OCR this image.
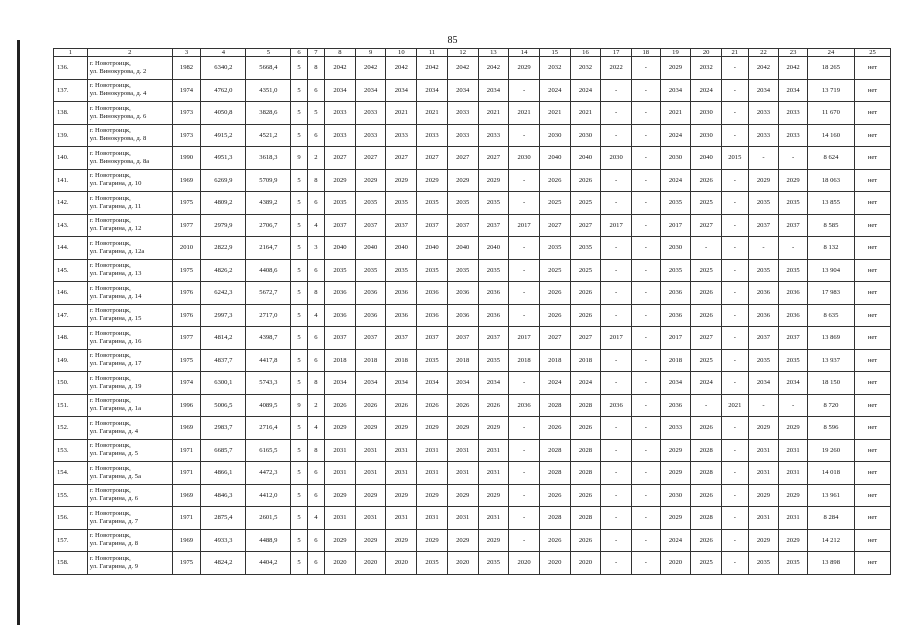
85
1	2	3	4	5	6	7	8	9	10	11	12	13	14	15	16	17	18	19	20	21	22	23	24	25
136.	г. Новотроицк,
ул. Винокурова, д. 2	1982	6340,2	5668,4	5	8	2042	2042	2042	2042	2042	2042	2029	2032	2032	2022	-	2029	2032	-	2042	2042	18 265	нет
137.	г. Новотроицк,
ул. Винокурова, д. 4	1974	4762,0	4351,0	5	6	2034	2034	2034	2034	2034	2034	-	2024	2024	-	-	2034	2024	-	2034	2034	13 719	нет
138.	г. Новотроицк,
ул. Винокурова, д. 6	1973	4050,8	3828,6	5	5	2033	2033	2021	2021	2033	2021	2021	2021	2021	-	-	2021	2030	-	2033	2033	11 670	нет
139.	г. Новотроицк,
ул. Винокурова, д. 8	1973	4915,2	4521,2	5	6	2033	2033	2033	2033	2033	2033	-	2030	2030	-	-	2024	2030	-	2033	2033	14 160	нет
140.	г. Новотроицк,
ул. Винокурова, д. 8а	1990	4951,3	3618,3	9	2	2027	2027	2027	2027	2027	2027	2030	2040	2040	2030	-	2030	2040	2015	-	-	8 624	нет
141.	г. Новотроицк,
ул. Гагарина, д. 10	1969	6269,9	5709,9	5	8	2029	2029	2029	2029	2029	2029	-	2026	2026	-	-	2024	2026	-	2029	2029	18 063	нет
142.	г. Новотроицк,
ул. Гагарина, д. 11	1975	4809,2	4389,2	5	6	2035	2035	2035	2035	2035	2035	-	2025	2025	-	-	2035	2025	-	2035	2035	13 855	нет
143.	г. Новотроицк,
ул. Гагарина, д. 12	1977	2979,9	2706,7	5	4	2037	2037	2037	2037	2037	2037	2017	2027	2027	2017	-	2017	2027	-	2037	2037	8 585	нет
144.	г. Новотроицк,
ул. Гагарина, д. 12а	2010	2822,9	2164,7	5	3	2040	2040	2040	2040	2040	2040	-	2035	2035	-	-	2030	-	-	-	-	8 132	нет
145.	г. Новотроицк,
ул. Гагарина, д. 13	1975	4826,2	4408,6	5	6	2035	2035	2035	2035	2035	2035	-	2025	2025	-	-	2035	2025	-	2035	2035	13 904	нет
146.	г. Новотроицк,
ул. Гагарина, д. 14	1976	6242,3	5672,7	5	8	2036	2036	2036	2036	2036	2036	-	2026	2026	-	-	2036	2026	-	2036	2036	17 983	нет
147.	г. Новотроицк,
ул. Гагарина, д. 15	1976	2997,3	2717,0	5	4	2036	2036	2036	2036	2036	2036	-	2026	2026	-	-	2036	2026	-	2036	2036	8 635	нет
148.	г. Новотроицк,
ул. Гагарина, д. 16	1977	4814,2	4398,7	5	6	2037	2037	2037	2037	2037	2037	2017	2027	2027	2017	-	2017	2027	-	2037	2037	13 869	нет
149.	г. Новотроицк,
ул. Гагарина, д. 17	1975	4837,7	4417,8	5	6	2018	2018	2018	2035	2018	2035	2018	2018	2018	-	-	2018	2025	-	2035	2035	13 937	нет
150.	г. Новотроицк,
ул. Гагарина, д. 19	1974	6300,1	5743,3	5	8	2034	2034	2034	2034	2034	2034	-	2024	2024	-	-	2034	2024	-	2034	2034	18 150	нет
151.	г. Новотроицк,
ул. Гагарина, д. 1а	1996	5006,5	4089,5	9	2	2026	2026	2026	2026	2026	2026	2036	2028	2028	2036	-	2036	-	2021	-	-	8 720	нет
152.	г. Новотроицк,
ул. Гагарина, д. 4	1969	2983,7	2716,4	5	4	2029	2029	2029	2029	2029	2029	-	2026	2026	-	-	2033	2026	-	2029	2029	8 596	нет
153.	г. Новотроицк,
ул. Гагарина, д. 5	1971	6685,7	6165,5	5	8	2031	2031	2031	2031	2031	2031	-	2028	2028	-	-	2029	2028	-	2031	2031	19 260	нет
154.	г. Новотроицк,
ул. Гагарина, д. 5а	1971	4866,1	4472,3	5	6	2031	2031	2031	2031	2031	2031	-	2028	2028	-	-	2029	2028	-	2031	2031	14 018	нет
155.	г. Новотроицк,
ул. Гагарина, д. 6	1969	4846,3	4412,0	5	6	2029	2029	2029	2029	2029	2029	-	2026	2026	-	-	2030	2026	-	2029	2029	13 961	нет
156.	г. Новотроицк,
ул. Гагарина, д. 7	1971	2875,4	2601,5	5	4	2031	2031	2031	2031	2031	2031	-	2028	2028	-	-	2029	2028	-	2031	2031	8 284	нет
157.	г. Новотроицк,
ул. Гагарина, д. 8	1969	4933,3	4488,9	5	6	2029	2029	2029	2029	2029	2029	-	2026	2026	-	-	2024	2026	-	2029	2029	14 212	нет
158.	г. Новотроицк,
ул. Гагарина, д. 9	1975	4824,2	4404,2	5	6	2020	2020	2020	2035	2020	2035	2020	2020	2020	-	-	2020	2025	-	2035	2035	13 898	нет
